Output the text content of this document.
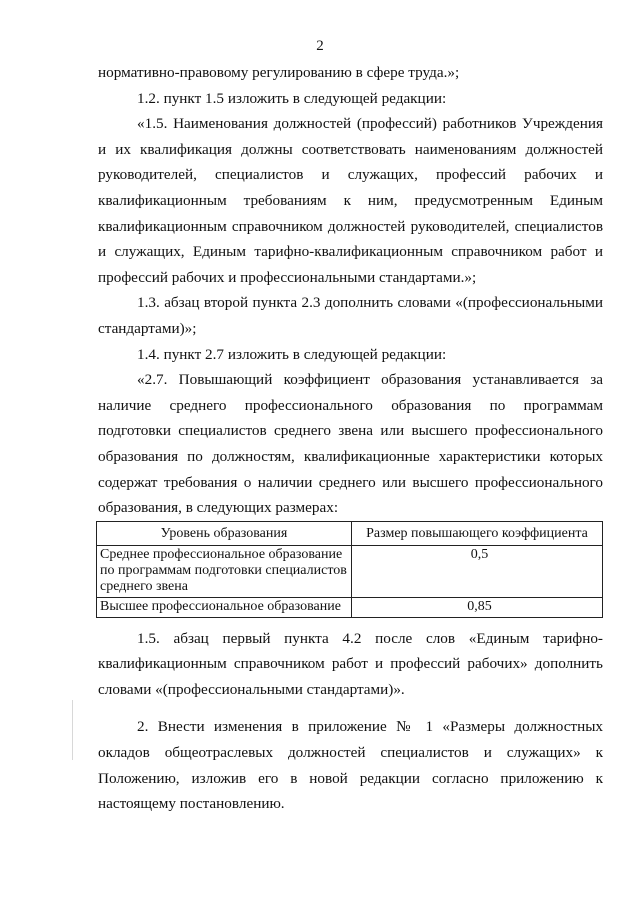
2

нормативно-правовому регулированию в сфере труда.»;

1.2. пункт 1.5 изложить в следующей редакции:

«1.5. Наименования должностей (профессий) работников Учреждения и их квалификация должны соответствовать наименованиям должностей руководителей, специалистов и служащих, профессий рабочих и квалификационным требованиям к ним, предусмотренным Единым квалификационным справочником должностей руководителей, специалистов и служащих, Единым тарифно-квалификационным справочником работ и профессий рабочих и профессиональными стандартами.»;

1.3. абзац второй пункта 2.3 дополнить словами «(профессиональными стандартами)»;

1.4. пункт 2.7 изложить в следующей редакции:

«2.7. Повышающий коэффициент образования устанавливается за наличие среднего профессионального образования по программам подготовки специалистов среднего звена или высшего профессионального образования по должностям, квалификационные характеристики которых содержат требования о наличии среднего или высшего профессионального образования, в следующих размерах:

Уровень образования	Размер повышающего коэффициента
Среднее профессиональное образование по программам подготовки специалистов среднего звена	0,5
Высшее профессиональное образование	0,85

1.5. абзац первый пункта 4.2 после слов «Единым тарифно-квалификационным справочником работ и профессий рабочих» дополнить словами «(профессиональными стандартами)».

2. Внести изменения в приложение № 1 «Размеры должностных окладов общеотраслевых должностей специалистов и служащих» к Положению, изложив его в новой редакции согласно приложению к настоящему постановлению.
